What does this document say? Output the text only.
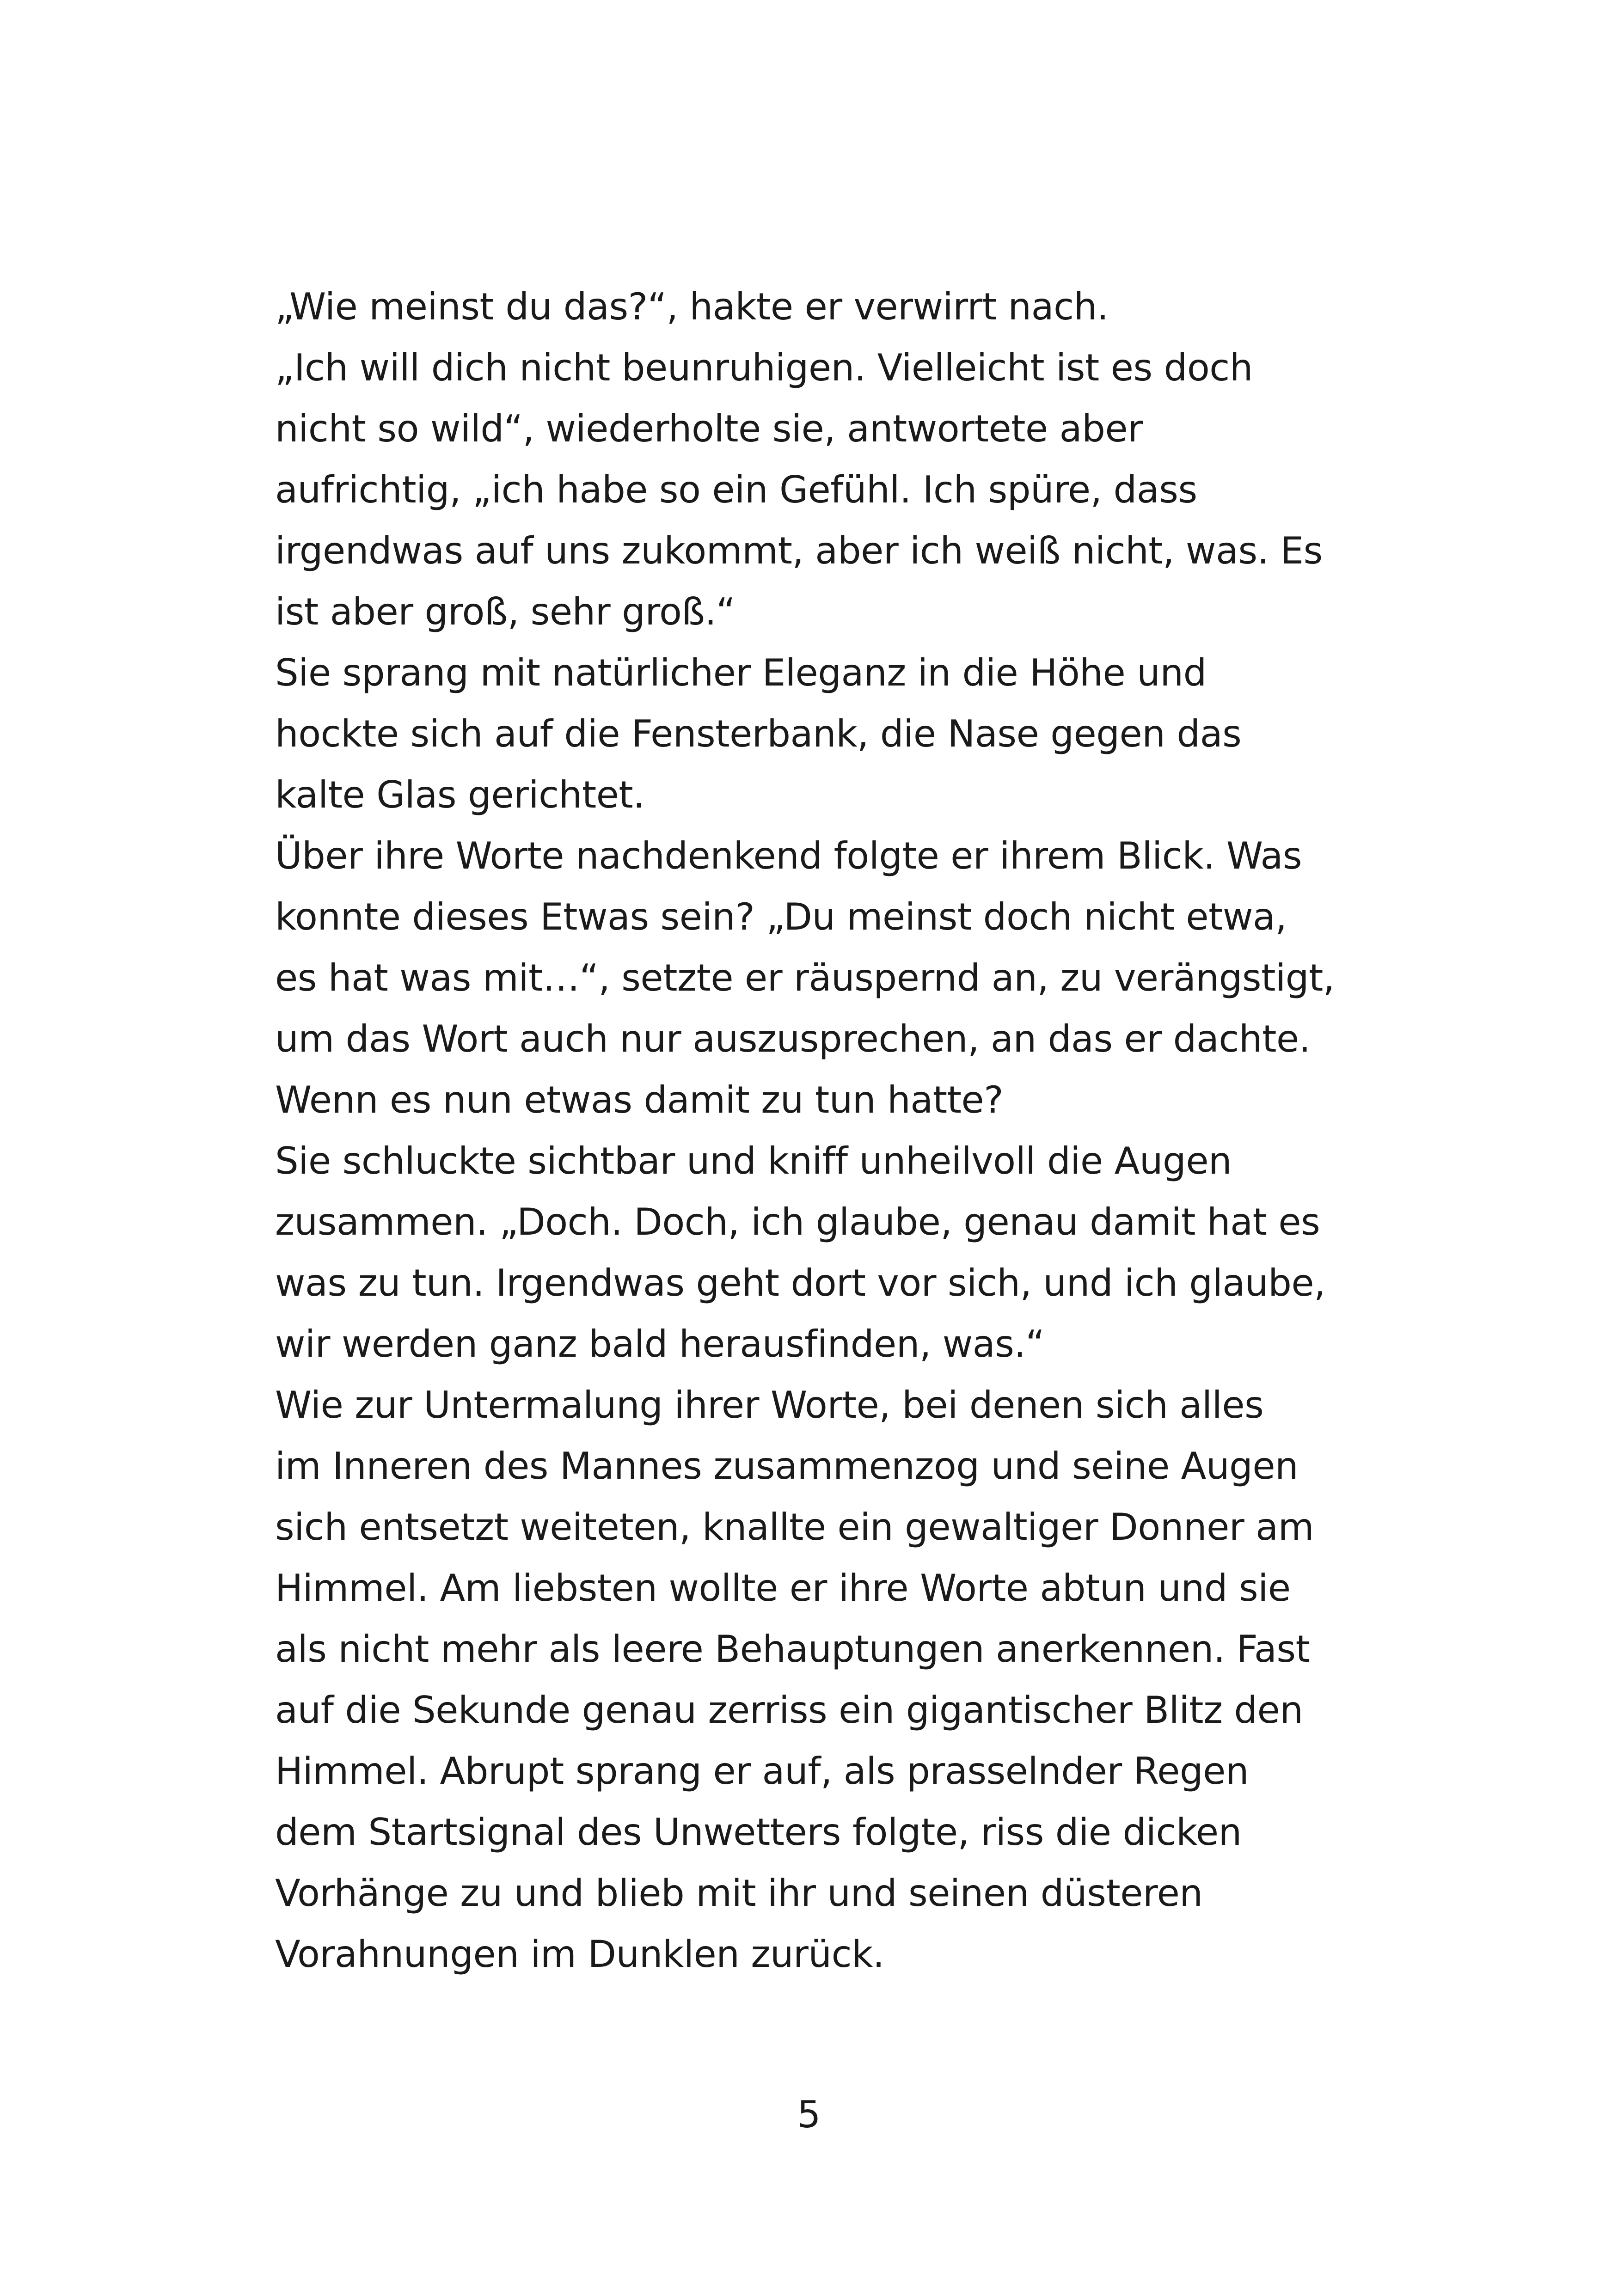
„Wie meinst du das?“, hakte er verwirrt nach.
„Ich will dich nicht beunruhigen. Vielleicht ist es doch
nicht so wild“, wiederholte sie, antwortete aber
aufrichtig, „ich habe so ein Gefühl. Ich spüre, dass
irgendwas auf uns zukommt, aber ich weiß nicht, was. Es
ist aber groß, sehr groß.“
Sie sprang mit natürlicher Eleganz in die Höhe und
hockte sich auf die Fensterbank, die Nase gegen das
kalte Glas gerichtet.
Über ihre Worte nachdenkend folgte er ihrem Blick. Was
konnte dieses Etwas sein? „Du meinst doch nicht etwa,
es hat was mit…“, setzte er räuspernd an, zu verängstigt,
um das Wort auch nur auszusprechen, an das er dachte.
Wenn es nun etwas damit zu tun hatte?
Sie schluckte sichtbar und kniff unheilvoll die Augen
zusammen. „Doch. Doch, ich glaube, genau damit hat es
was zu tun. Irgendwas geht dort vor sich, und ich glaube,
wir werden ganz bald herausfinden, was.“
Wie zur Untermalung ihrer Worte, bei denen sich alles
im Inneren des Mannes zusammenzog und seine Augen
sich entsetzt weiteten, knallte ein gewaltiger Donner am
Himmel. Am liebsten wollte er ihre Worte abtun und sie
als nicht mehr als leere Behauptungen anerkennen. Fast
auf die Sekunde genau zerriss ein gigantischer Blitz den
Himmel. Abrupt sprang er auf, als prasselnder Regen
dem Startsignal des Unwetters folgte, riss die dicken
Vorhänge zu und blieb mit ihr und seinen düsteren
Vorahnungen im Dunklen zurück.
5
